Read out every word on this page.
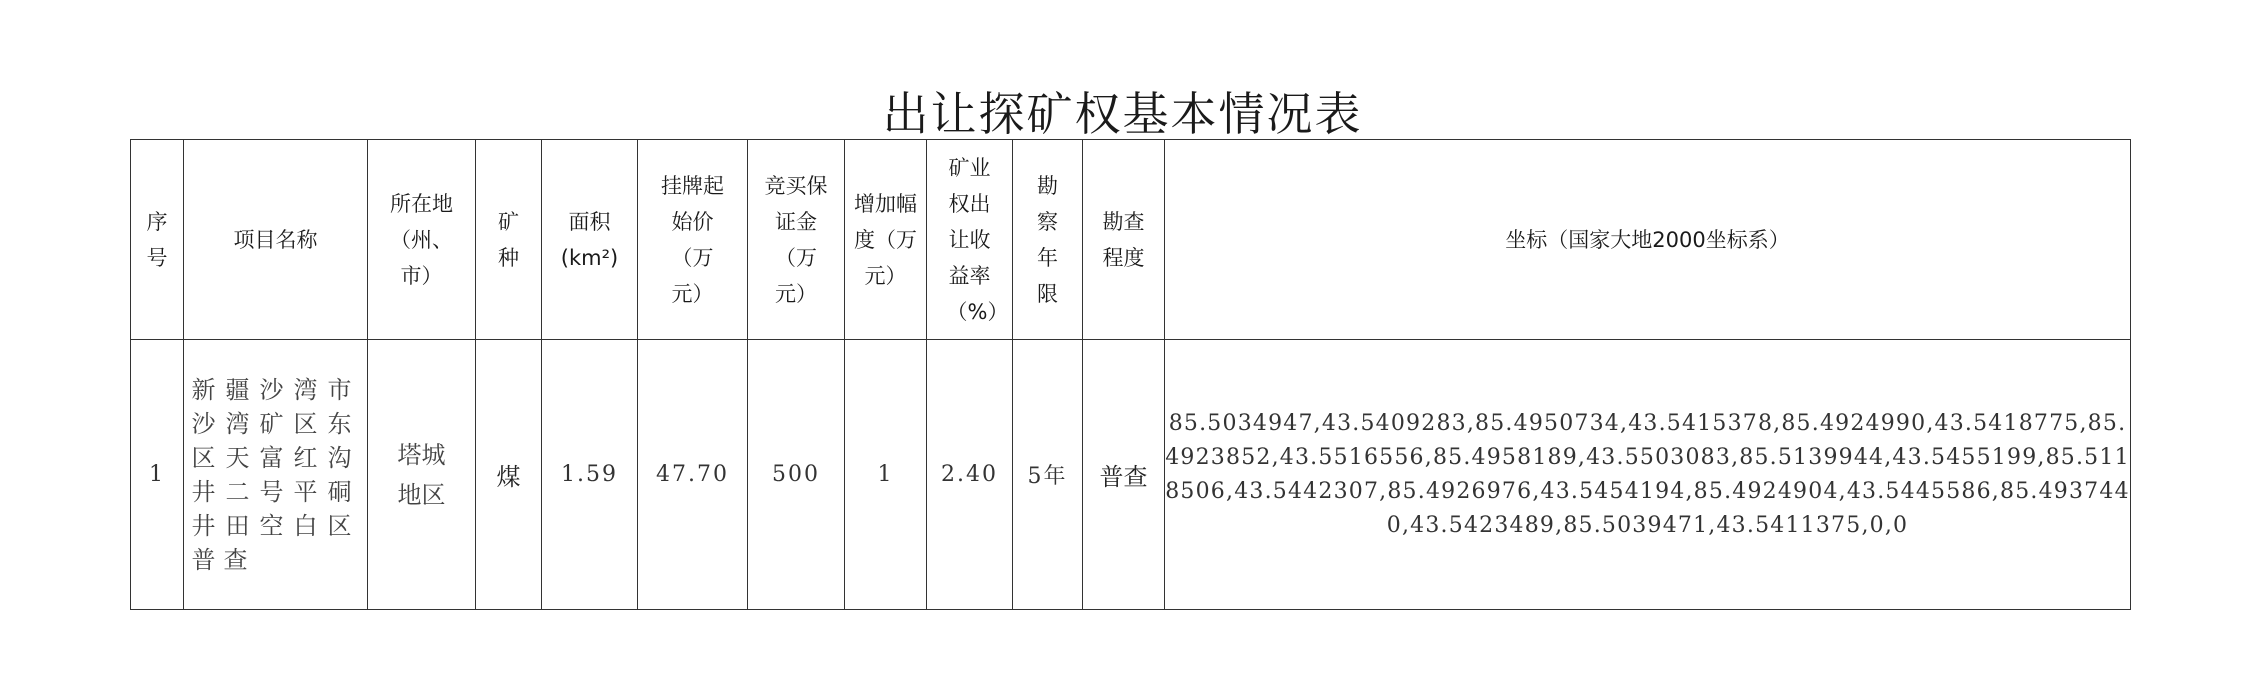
出让探矿权基本情况表
序号	项目名称	所在地（州、市）	矿种	面积(km²)	挂牌起始价（万元）	竞买保证金（万元）	增加幅度（万元）	矿业权出让收益率（%）	勘察年限	勘查程度	坐标（国家大地2000坐标系）
1	新疆沙湾市沙湾矿区东区天富红沟井二号平硐井田空白区普查	塔城地区	煤	1.59	47.70	500	1	2.40	5年	普查	85.5034947,43.5409283,85.4950734,43.5415378,85.4924990,43.5418775,85.4923852,43.5516556,85.4958189,43.5503083,85.5139944,43.5455199,85.5118506,43.5442307,85.4926976,43.5454194,85.4924904,43.5445586,85.4937440,43.5423489,85.5039471,43.5411375,0,0
